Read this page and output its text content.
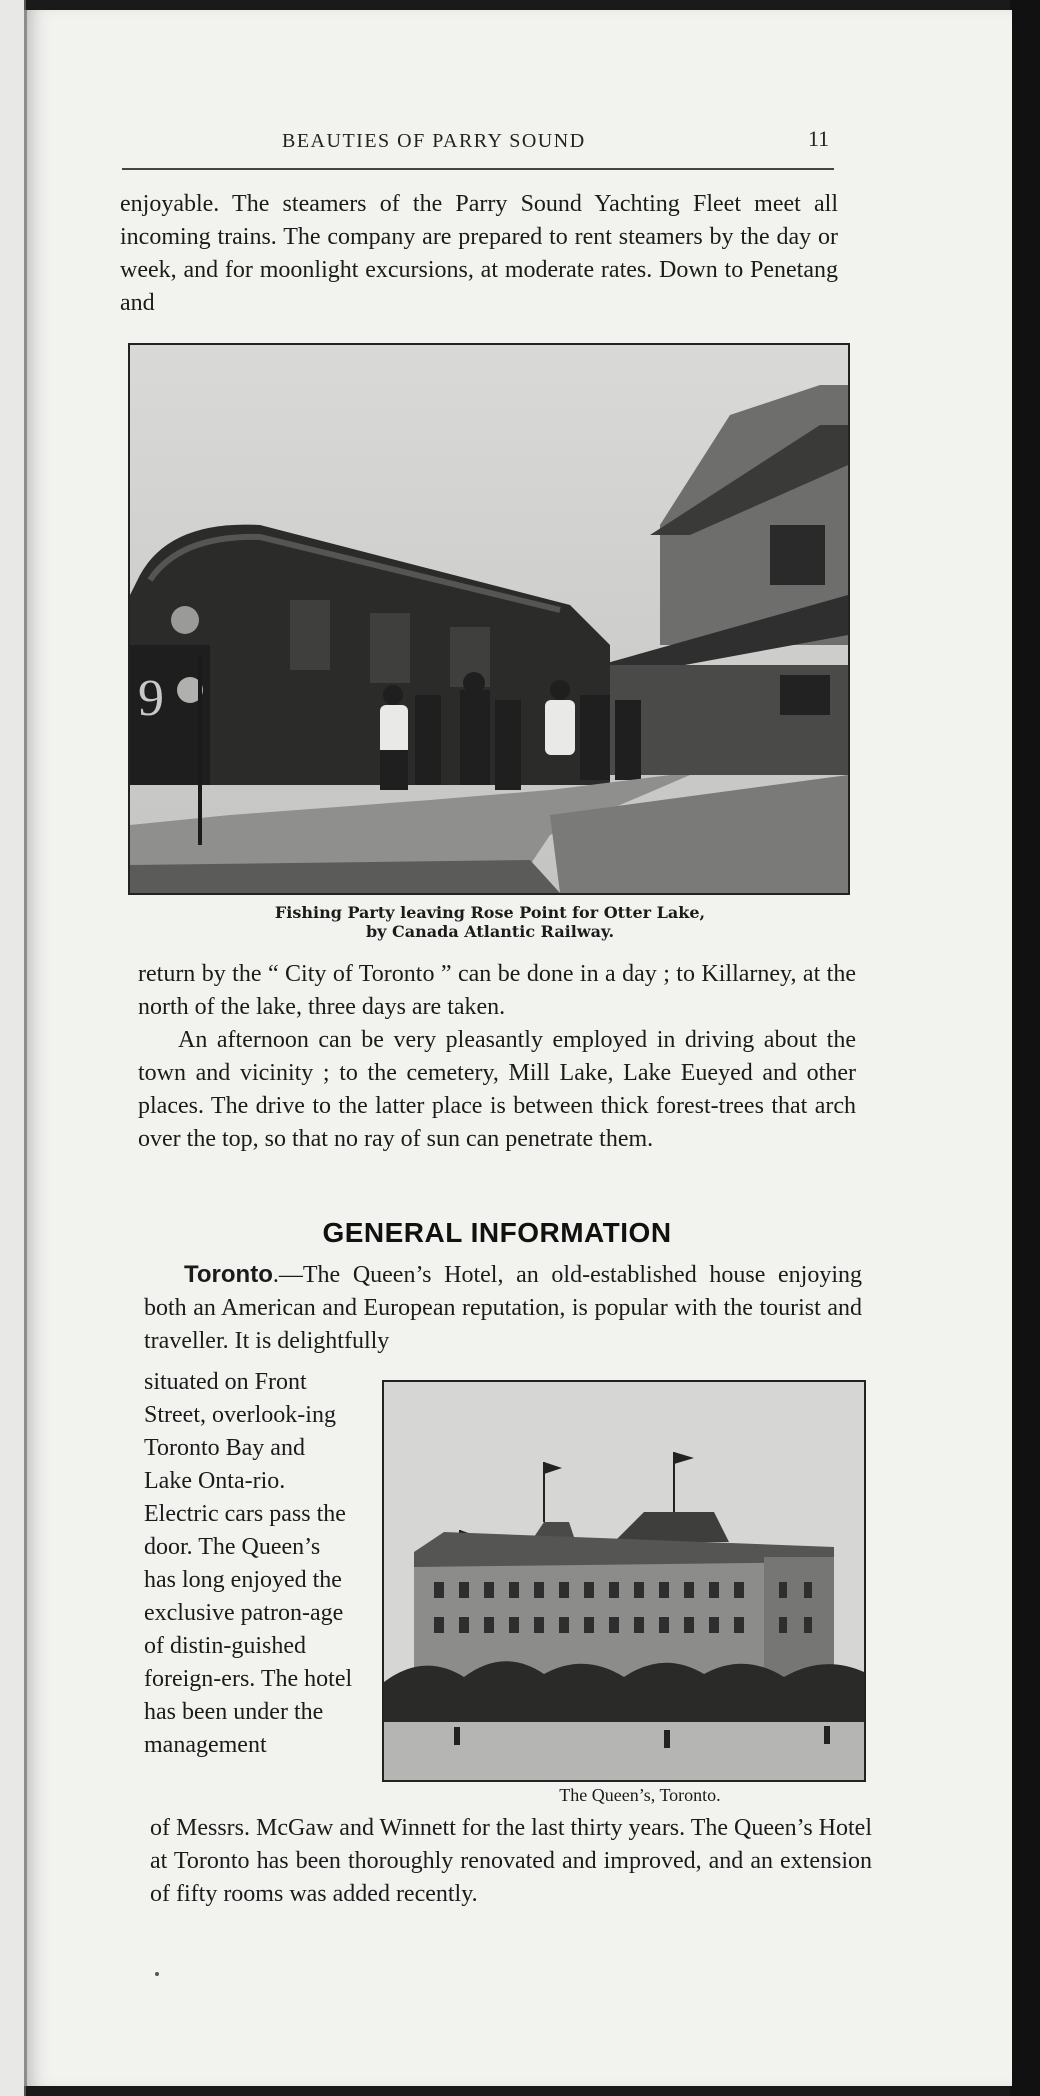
BEAUTIES OF PARRY SOUND	11

enjoyable. The steamers of the Parry Sound Yachting Fleet meet all incoming trains. The company are prepared to rent steamers by the day or week, and for moonlight excursions, at moderate rates. Down to Penetang and

9
Fishing Party leaving Rose Point for Otter Lake,
by Canada Atlantic Railway.

return by the “ City of Toronto ” can be done in a day ; to Killarney, at the north of the lake, three days are taken.

An afternoon can be very pleasantly employed in driving about the town and vicinity ; to the cemetery, Mill Lake, Lake Eueyed and other places. The drive to the latter place is between thick forest-trees that arch over the top, so that no ray of sun can penetrate them.

GENERAL INFORMATION
Toronto.—The Queen’s Hotel, an old-established house enjoying both an American and European reputation, is popular with the tourist and traveller. It is delightfully
situated on Front Street, overlook-ing Toronto Bay and Lake Onta-rio. Electric cars pass the door. The Queen’s has long enjoyed the exclusive patron-age of distin-guished foreign-ers. The hotel has been under the management
The Queen’s, Toronto.
of Messrs. McGaw and Winnett for the last thirty years. The Queen’s Hotel at Toronto has been thoroughly renovated and improved, and an extension of fifty rooms was added recently.
